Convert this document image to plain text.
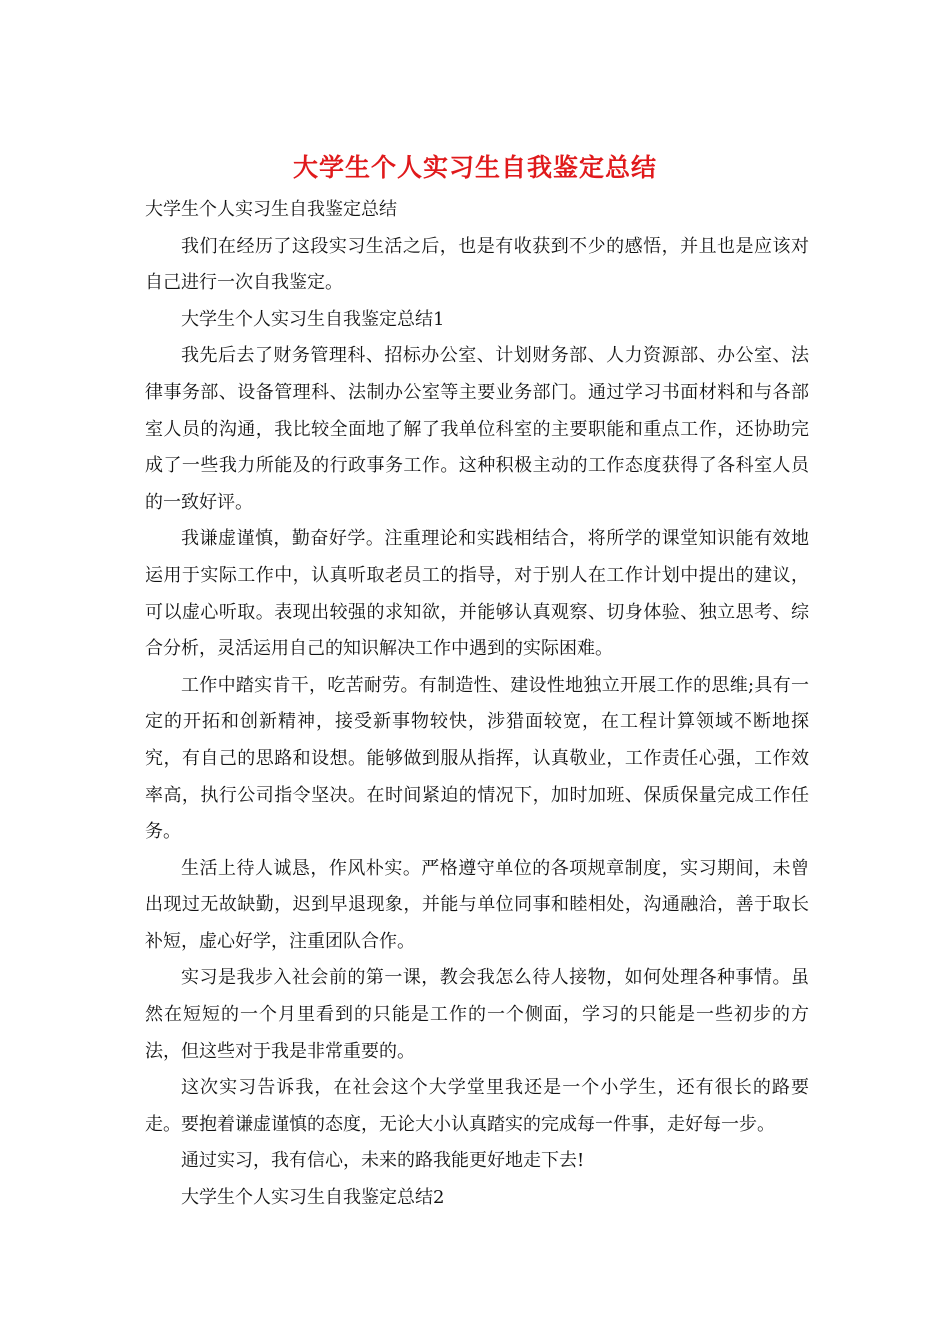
大学生个人实习生自我鉴定总结

大学生个人实习生自我鉴定总结

我们在经历了这段实习生活之后，也是有收获到不少的感悟，并且也是应该对自己进行一次自我鉴定。

大学生个人实习生自我鉴定总结1

我先后去了财务管理科、招标办公室、计划财务部、人力资源部、办公室、法律事务部、设备管理科、法制办公室等主要业务部门。通过学习书面材料和与各部室人员的沟通，我比较全面地了解了我单位科室的主要职能和重点工作，还协助完成了一些我力所能及的行政事务工作。这种积极主动的工作态度获得了各科室人员的一致好评。

我谦虚谨慎，勤奋好学。注重理论和实践相结合，将所学的课堂知识能有效地运用于实际工作中，认真听取老员工的指导，对于别人在工作计划中提出的建议，可以虚心听取。表现出较强的求知欲，并能够认真观察、切身体验、独立思考、综合分析，灵活运用自己的知识解决工作中遇到的实际困难。

工作中踏实肯干，吃苦耐劳。有制造性、建设性地独立开展工作的思维;具有一定的开拓和创新精神，接受新事物较快，涉猎面较宽，在工程计算领域不断地探究，有自己的思路和设想。能够做到服从指挥，认真敬业，工作责任心强，工作效率高，执行公司指令坚决。在时间紧迫的情况下，加时加班、保质保量完成工作任务。

生活上待人诚恳，作风朴实。严格遵守单位的各项规章制度，实习期间，未曾出现过无故缺勤，迟到早退现象，并能与单位同事和睦相处，沟通融洽，善于取长补短，虚心好学，注重团队合作。

实习是我步入社会前的第一课，教会我怎么待人接物，如何处理各种事情。虽然在短短的一个月里看到的只能是工作的一个侧面，学习的只能是一些初步的方法，但这些对于我是非常重要的。

这次实习告诉我，在社会这个大学堂里我还是一个小学生，还有很长的路要走。要抱着谦虚谨慎的态度，无论大小认真踏实的完成每一件事，走好每一步。

通过实习，我有信心，未来的路我能更好地走下去!

大学生个人实习生自我鉴定总结2
